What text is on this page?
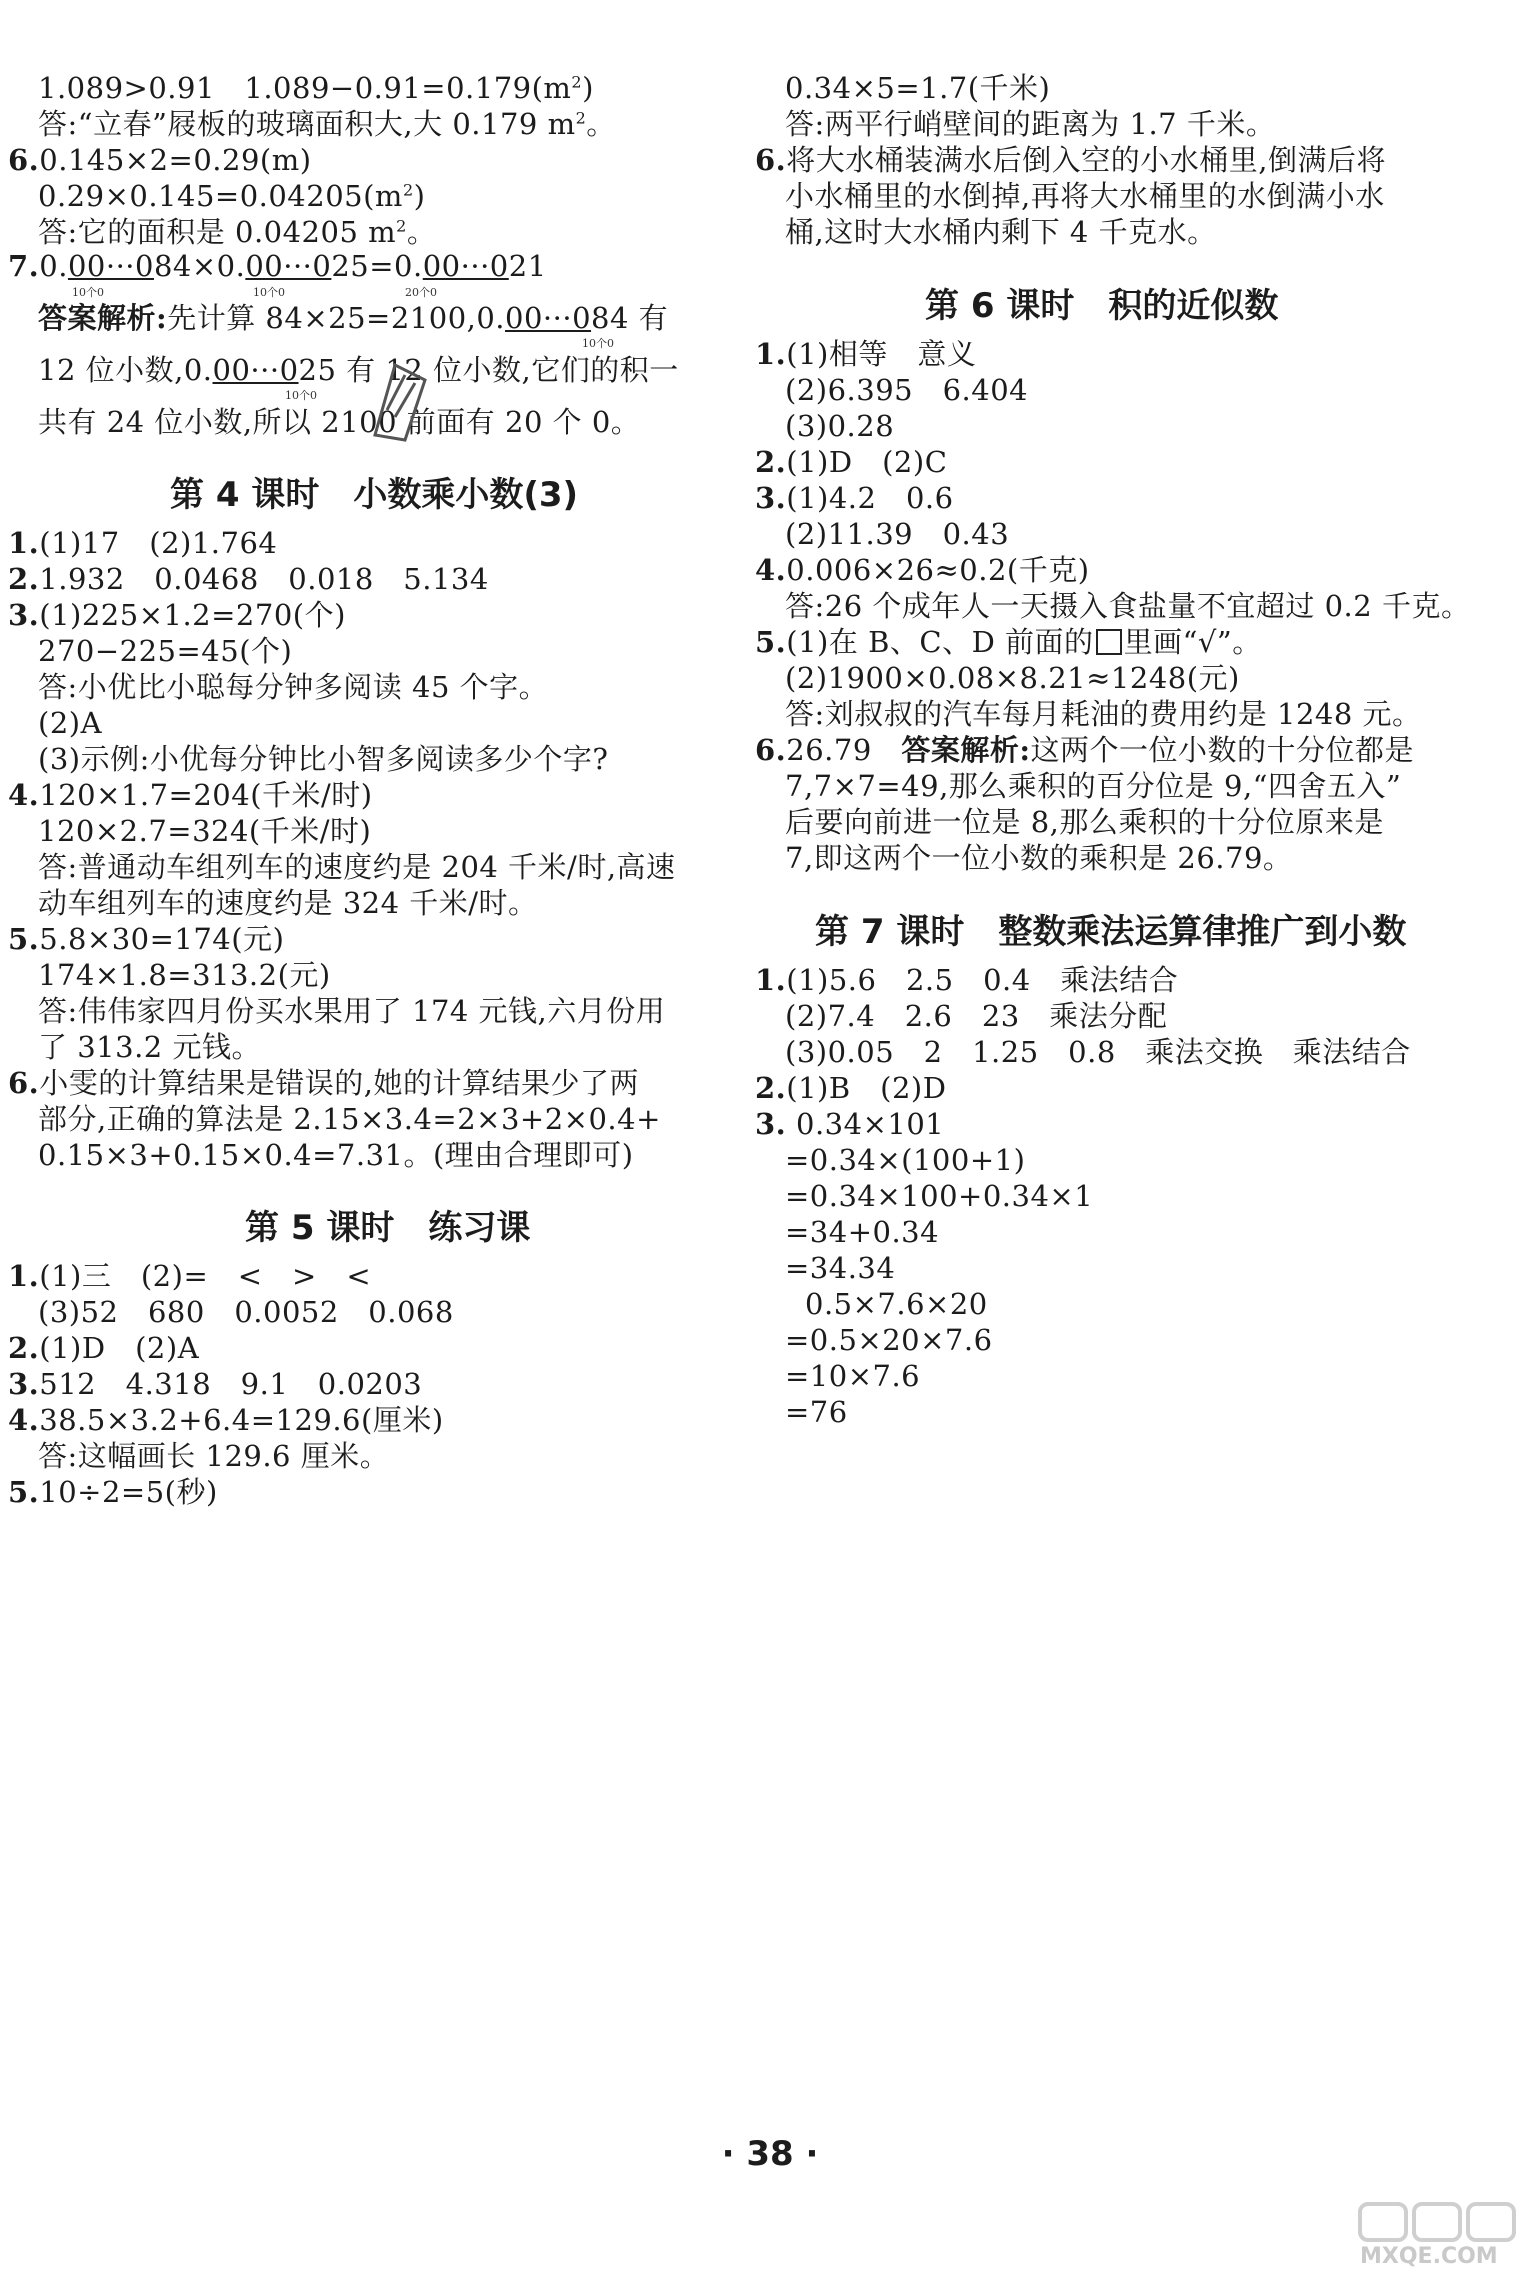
1.089>0.91　$1.089-0.91=0.179(m^2)$
答:“立春”屐板的玻璃面积大,大 0.179 $m^2$。
6.0.145×2=0.29(m)
$0.29\times 0.145=0.04205(m^2)$
答:它的面积是 0.04205 $m^2$。
7.0.00···084×0.00···025=0.00···021
10个0	10个0	20个0
答案解析:先计算 84×25=2100,0.00···084 有
10个0
12 位小数,0.00···025 有 12 位小数,它们的积一
10个0
共有 24 位小数,所以 2100 前面有 20 个 0。
第 4 课时　小数乘小数(3)
1.(1)17　(2)1.764
2.1.932　0.0468　0.018　5.134
3.(1)225×1.2=270(个)
270−225=45(个)
答:小优比小聪每分钟多阅读 45 个字。
(2)A
(3)示例:小优每分钟比小智多阅读多少个字?
4.120×1.7=204(千米/时)
120×2.7=324(千米/时)
答:普通动车组列车的速度约是 204 千米/时,高速
动车组列车的速度约是 324 千米/时。
5.5.8×30=174(元)
174×1.8=313.2(元)
答:伟伟家四月份买水果用了 174 元钱,六月份用
了 313.2 元钱。
6.小雯的计算结果是错误的,她的计算结果少了两
部分,正确的算法是 2.15×3.4=2×3+2×0.4+
0.15×3+0.15×0.4=7.31。(理由合理即可)
第 5 课时　练习课
1.(1)三　(2)=　<　>　<
(3)52　680　0.0052　0.068
2.(1)D　(2)A
3.512　4.318　9.1　0.0203
4.38.5×3.2+6.4=129.6(厘米)
答:这幅画长 129.6 厘米。
5.10÷2=5(秒)
0.34×5=1.7(千米)
答:两平行峭壁间的距离为 1.7 千米。
6.将大水桶装满水后倒入空的小水桶里,倒满后将
小水桶里的水倒掉,再将大水桶里的水倒满小水
桶,这时大水桶内剩下 4 千克水。
第 6 课时　积的近似数
1.(1)相等　意义
(2)6.395　6.404
(3)0.28
2.(1)D　(2)C
3.(1)4.2　0.6
(2)11.39　0.43
4.0.006×26≈0.2(千克)
答:26 个成年人一天摄入食盐量不宜超过 0.2 千克。
5.(1)在 B、C、D 前面的 里画“√”。
(2)1900×0.08×8.21≈1248(元)
答:刘叔叔的汽车每月耗油的费用约是 1248 元。
6.26.79　答案解析:这两个一位小数的十分位都是
7,7×7=49,那么乘积的百分位是 9,“四舍五入”
后要向前进一位是 8,那么乘积的十分位原来是
7,即这两个一位小数的乘积是 26.79。
第 7 课时　整数乘法运算律推广到小数
1.(1)5.6　2.5　0.4　乘法结合
(2)7.4　2.6　23　乘法分配
(3)0.05　2　1.25　0.8　乘法交换　乘法结合
2.(1)B　(2)D
3. 0.34×101
=0.34×(100+1)
=0.34×100+0.34×1
=34+0.34
=34.34
0.5×7.6×20
=0.5×20×7.6
=10×7.6
=76
· 38 ·
MXQE.COM
